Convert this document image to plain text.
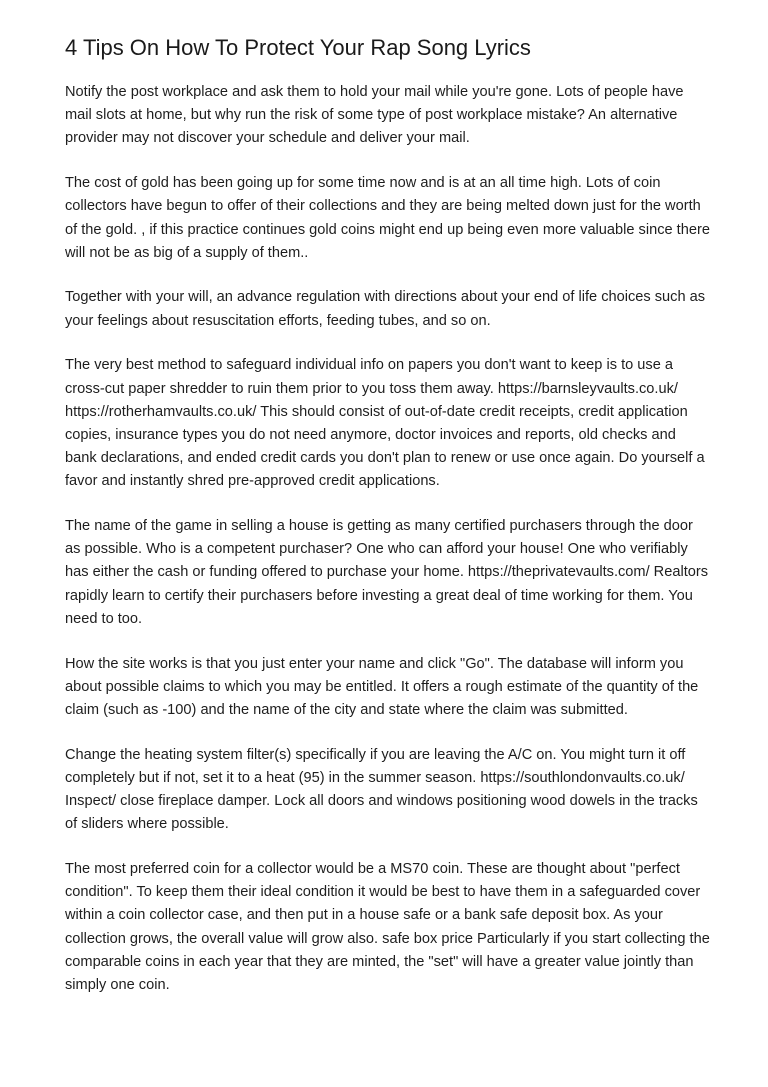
4 Tips On How To Protect Your Rap Song Lyrics

Notify the post workplace and ask them to hold your mail while you're gone. Lots of people have mail slots at home, but why run the risk of some type of post workplace mistake? An alternative provider may not discover your schedule and deliver your mail.

The cost of gold has been going up for some time now and is at an all time high. Lots of coin collectors have begun to offer of their collections and they are being melted down just for the worth of the gold. , if this practice continues gold coins might end up being even more valuable since there will not be as big of a supply of them..

Together with your will, an advance regulation with directions about your end of life choices such as your feelings about resuscitation efforts, feeding tubes, and so on.

The very best method to safeguard individual info on papers you don't want to keep is to use a cross-cut paper shredder to ruin them prior to you toss them away. https://barnsleyvaults.co.uk/ https://rotherhamvaults.co.uk/ This should consist of out-of-date credit receipts, credit application copies, insurance types you do not need anymore, doctor invoices and reports, old checks and bank declarations, and ended credit cards you don't plan to renew or use once again. Do yourself a favor and instantly shred pre-approved credit applications.

The name of the game in selling a house is getting as many certified purchasers through the door as possible. Who is a competent purchaser? One who can afford your house! One who verifiably has either the cash or funding offered to purchase your home. https://theprivatevaults.com/ Realtors rapidly learn to certify their purchasers before investing a great deal of time working for them. You need to too.

How the site works is that you just enter your name and click "Go". The database will inform you about possible claims to which you may be entitled. It offers a rough estimate of the quantity of the claim (such as -100) and the name of the city and state where the claim was submitted.

Change the heating system filter(s) specifically if you are leaving the A/C on. You might turn it off completely but if not, set it to a heat (95) in the summer season. https://southlondonvaults.co.uk/ Inspect/ close fireplace damper. Lock all doors and windows positioning wood dowels in the tracks of sliders where possible.

The most preferred coin for a collector would be a MS70 coin. These are thought about "perfect condition". To keep them their ideal condition it would be best to have them in a safeguarded cover within a coin collector case, and then put in a house safe or a bank safe deposit box. As your collection grows, the overall value will grow also. safe box price Particularly if you start collecting the comparable coins in each year that they are minted, the "set" will have a greater value jointly than simply one coin.
